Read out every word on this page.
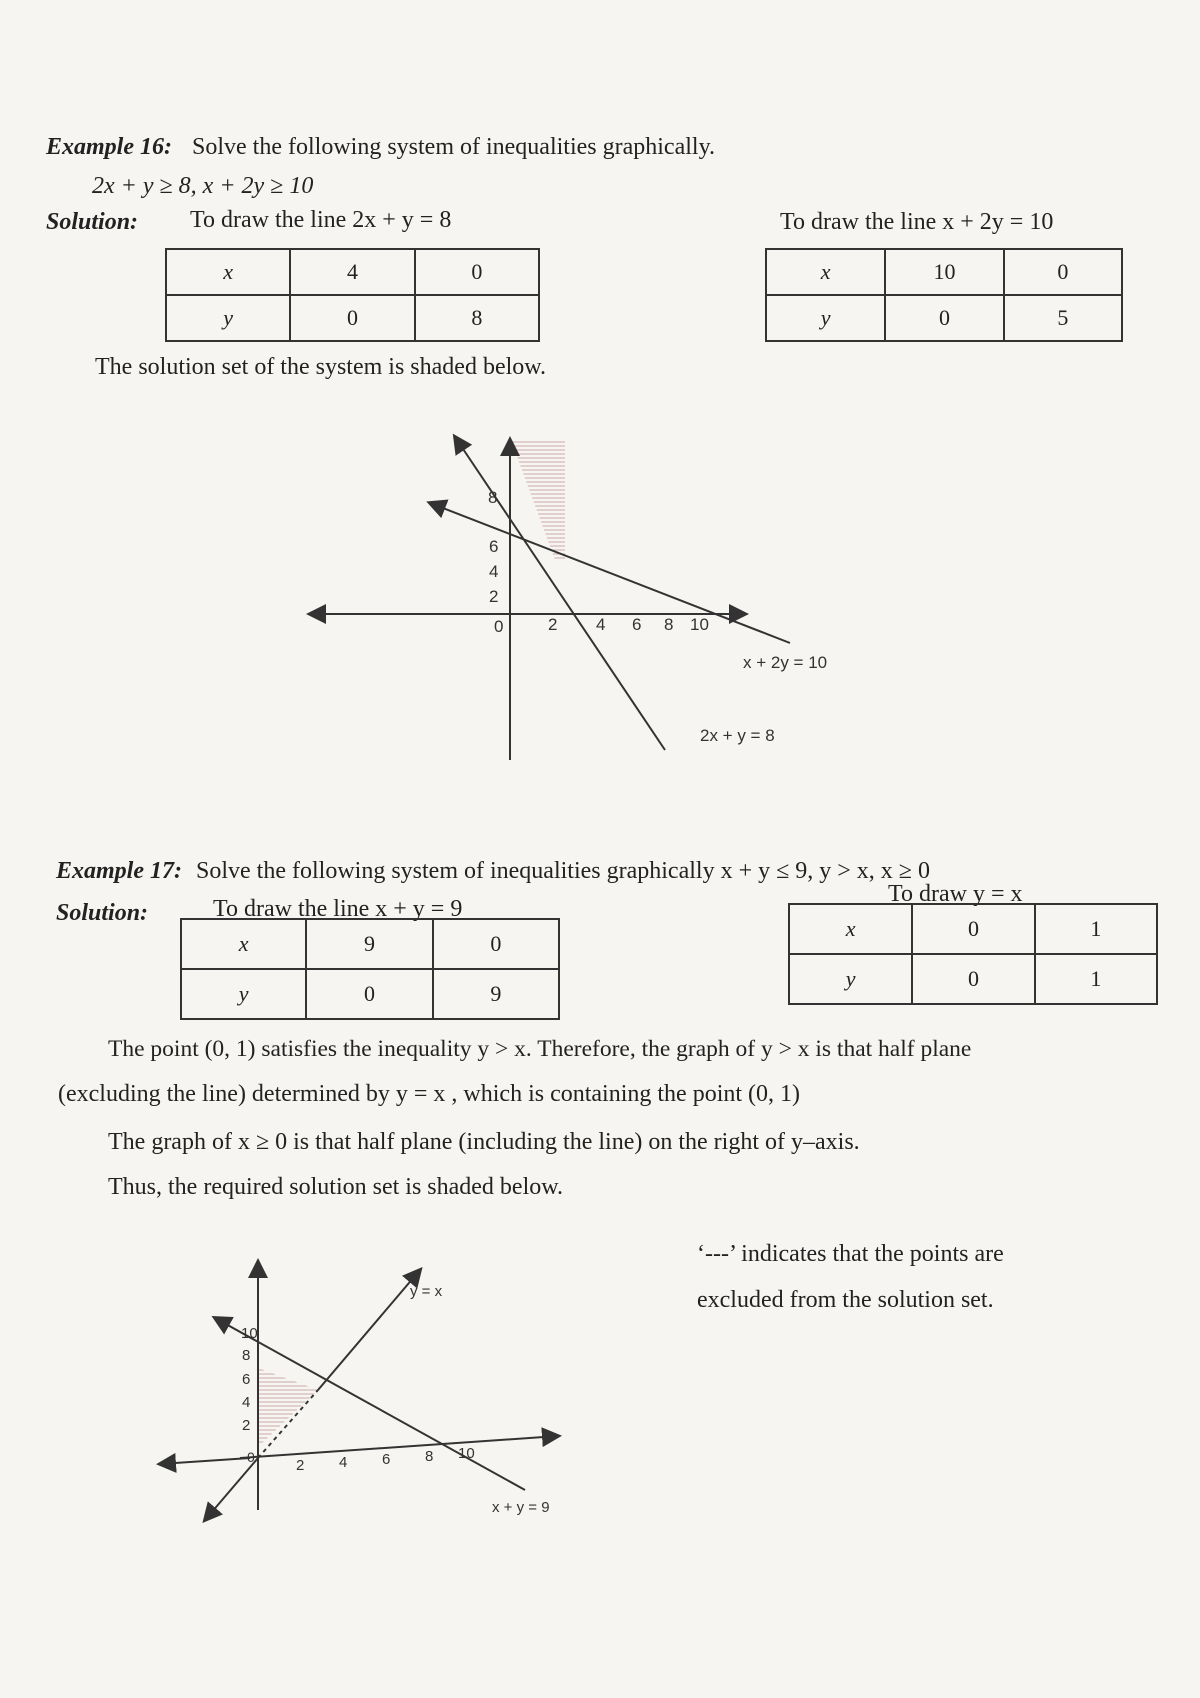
Example 16: Solve the following system of inequalities graphically.
2x + y ≥ 8, x + 2y ≥ 10
Solution: To draw the line 2x + y = 8	To draw the line x + 2y = 10
x	4	0
y	0	8
x	10	0
y	0	5
The solution set of the system is shaded below.
8
6
4
2
0	2 4 6 8 10
x + 2y = 10
2x + y = 8
Example 17: Solve the following system of inequalities graphically x + y ≤ 9, y > x, x ≥ 0
Solution:	To draw the line x + y = 9
To draw y = x
x	9	0
y	0	9
x	0	1
y	0	1
The point (0, 1) satisfies the inequality y > x. Therefore, the graph of y > x is that half plane
(excluding the line) determined by y = x , which is containing the point (0, 1)
The graph of x ≥ 0 is that half plane (including the line) on the right of y–axis.
Thus, the required solution set is shaded below.
‘---’ indicates that the points are
excluded from the solution set.
10
8
6
4
2
0	2 4 6 8 10
y = x
x + y = 9
